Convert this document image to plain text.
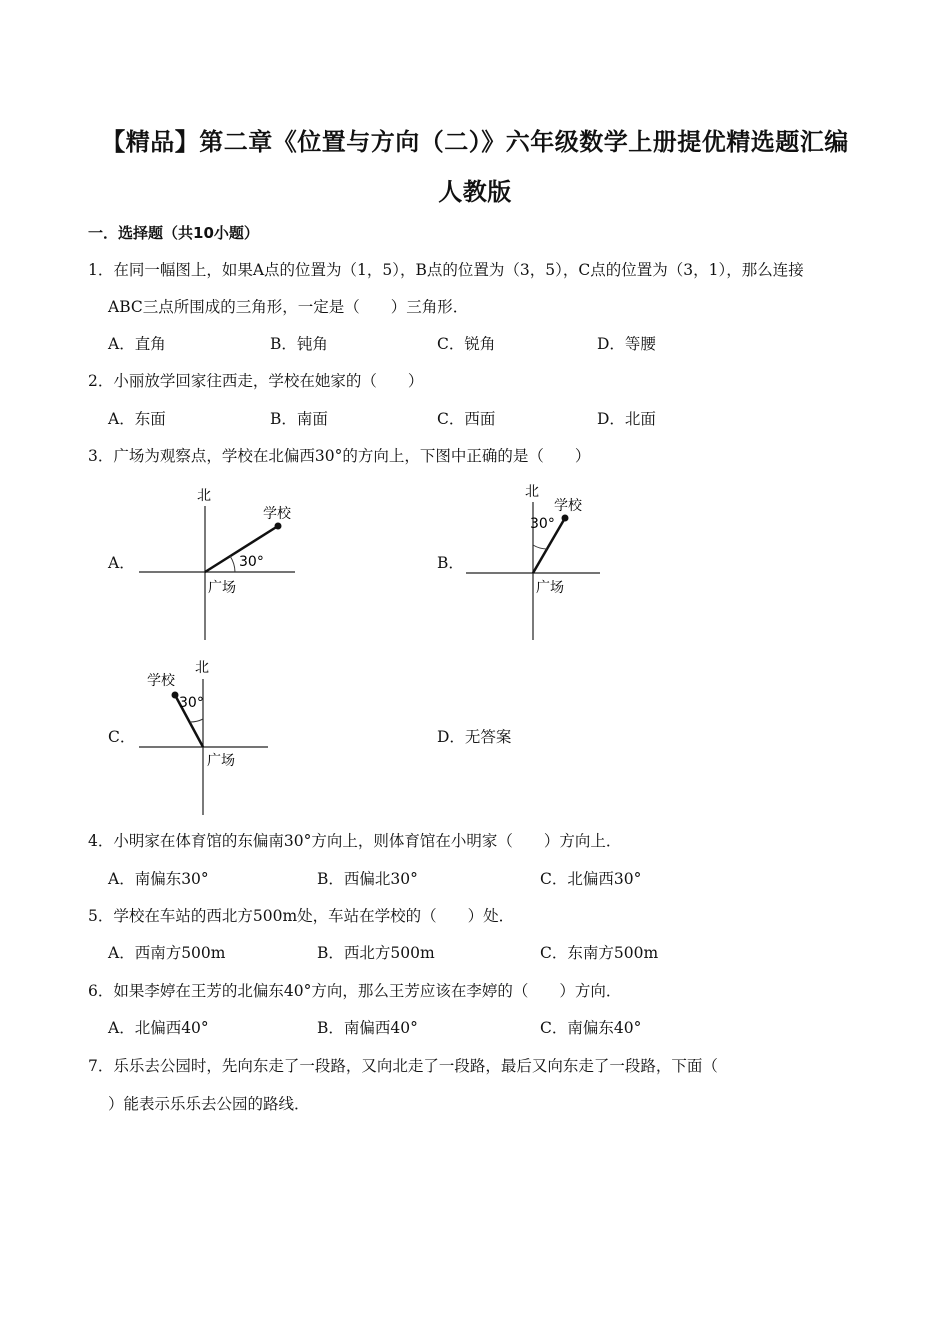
【精品】第二章《位置与方向（二）》六年级数学上册提优精选题汇编
人教版
一．选择题（共10小题）
1．在同一幅图上，如果A点的位置为（1，5），B点的位置为（3，5），C点的位置为（3，1），那么连接
ABC三点所围成的三角形，一定是（　　）三角形．
A．直角	B．钝角	C．锐角	D．等腰
2．小丽放学回家往西走，学校在她家的（　　）
A．东面	B．南面	C．西面	D．北面
3．广场为观察点，学校在北偏西30°的方向上，下图中正确的是（　　）
A．
北
学校
30°
广场
B．
北
学校
30°
广场
C．
北
学校
30°
广场
D．无答案
4．小明家在体育馆的东偏南30°方向上，则体育馆在小明家（　　）方向上．
A．南偏东30°	B．西偏北30°	C．北偏西30°
5．学校在车站的西北方500m处，车站在学校的（　　）处．
A．西南方500m	B．西北方500m	C．东南方500m
6．如果李婷在王芳的北偏东40°方向，那么王芳应该在李婷的（　　）方向．
A．北偏西40°	B．南偏西40°	C．南偏东40°
7．乐乐去公园时，先向东走了一段路，又向北走了一段路，最后又向东走了一段路，下面（
）能表示乐乐去公园的路线．
